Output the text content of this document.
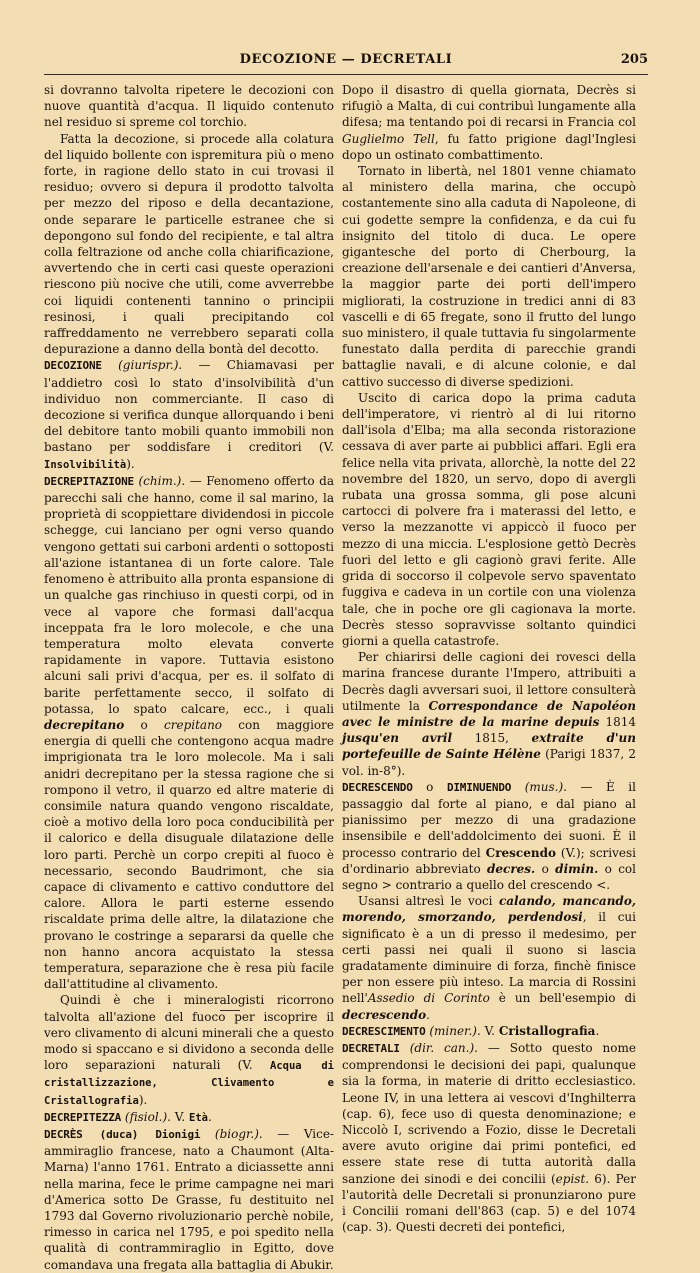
DECOZIONE — DECRETALI	205

si dovranno talvolta ripetere le decozioni con nuove quantità d'acqua. Il liquido contenuto nel residuo si spreme col torchio.

Fatta la decozione, si procede alla colatura del liquido bollente con ispremitura più o meno forte, in ragione dello stato in cui trovasi il residuo; ovvero si depura il prodotto talvolta per mezzo del riposo e della decantazione, onde separare le particelle estranee che si depongono sul fondo del recipiente, e tal altra colla feltrazione od anche colla chiarificazione, avvertendo che in certi casi queste operazioni riescono più nocive che utili, come avverrebbe coi liquidi contenenti tannino o principii resinosi, i quali precipitando col raffreddamento ne verrebbero separati colla depurazione a danno della bontà del decotto.

DECOZIONE (giurispr.). — Chiamavasi per l'addietro così lo stato d'insolvibilità d'un individuo non commerciante. Il caso di decozione si verifica dunque allorquando i beni del debitore tanto mobili quanto immobili non bastano per soddisfare i creditori (V. Insolvibilità).

DECREPITAZIONE (chim.). — Fenomeno offerto da parecchi sali che hanno, come il sal marino, la proprietà di scoppiettare dividendosi in piccole schegge, cui lanciano per ogni verso quando vengono gettati sui carboni ardenti o sottoposti all'azione istantanea di un forte calore. Tale fenomeno è attribuito alla pronta espansione di un qualche gas rinchiuso in questi corpi, od in vece al vapore che formasi dall'acqua inceppata fra le loro molecole, e che una temperatura molto elevata converte rapidamente in vapore. Tuttavia esistono alcuni sali privi d'acqua, per es. il solfato di barite perfettamente secco, il solfato di potassa, lo spato calcare, ecc., i quali decrepitano o crepitano con maggiore energia di quelli che contengono acqua madre imprigionata tra le loro molecole. Ma i sali anidri decrepitano per la stessa ragione che si rompono il vetro, il quarzo ed altre materie di consimile natura quando vengono riscaldate, cioè a motivo della loro poca conducibilità per il calorico e della disuguale dilatazione delle loro parti. Perchè un corpo crepiti al fuoco è necessario, secondo Baudrimont, che sia capace di clivamento e cattivo conduttore del calore. Allora le parti esterne essendo riscaldate prima delle altre, la dilatazione che provano le costringe a separarsi da quelle che non hanno ancora acquistato la stessa temperatura, separazione che è resa più facile dall'attitudine al clivamento.

Quindi è che i mineralogisti ricorrono talvolta all'azione del fuoco per iscoprire il vero clivamento di alcuni minerali che a questo modo si spaccano e si dividono a seconda delle loro separazioni naturali (V. Acqua di cristallizzazione, Clivamento e Cristallografia).

DECREPITEZZA (fisiol.). V. Età.

DECRÈS (duca) Dionigi (biogr.). — Vice-ammiraglio francese, nato a Chaumont (Alta-Marna) l'anno 1761. Entrato a diciassette anni nella marina, fece le prime campagne nei mari d'America sotto De Grasse, fu destituito nel 1793 dal Governo rivoluzionario perchè nobile, rimesso in carica nel 1795, e poi spedito nella qualità di contrammiraglio in Egitto, dove comandava una fregata alla battaglia di Abukir.

Dopo il disastro di quella giornata, Decrès si rifugiò a Malta, di cui contribuì lungamente alla difesa; ma tentando poi di recarsi in Francia col Guglielmo Tell, fu fatto prigione dagl'Inglesi dopo un ostinato combattimento.

Tornato in libertà, nel 1801 venne chiamato al ministero della marina, che occupò costantemente sino alla caduta di Napoleone, di cui godette sempre la confidenza, e da cui fu insignito del titolo di duca. Le opere gigantesche del porto di Cherbourg, la creazione dell'arsenale e dei cantieri d'Anversa, la maggior parte dei porti dell'impero migliorati, la costruzione in tredici anni di 83 vascelli e di 65 fregate, sono il frutto del lungo suo ministero, il quale tuttavia fu singolarmente funestato dalla perdita di parecchie grandi battaglie navali, e di alcune colonie, e dal cattivo successo di diverse spedizioni.

Uscito di carica dopo la prima caduta dell'imperatore, vi rientrò al di lui ritorno dall'isola d'Elba; ma alla seconda ristorazione cessava di aver parte ai pubblici affari. Egli era felice nella vita privata, allorchè, la notte del 22 novembre del 1820, un servo, dopo di avergli rubata una grossa somma, gli pose alcuni cartocci di polvere fra i materassi del letto, e verso la mezzanotte vi appiccò il fuoco per mezzo di una miccia. L'esplosione gettò Decrès fuori del letto e gli cagionò gravi ferite. Alle grida di soccorso il colpevole servo spaventato fuggiva e cadeva in un cortile con una violenza tale, che in poche ore gli cagionava la morte. Decrès stesso sopravvisse soltanto quindici giorni a quella catastrofe.

Per chiarirsi delle cagioni dei rovesci della marina francese durante l'Impero, attribuiti a Decrès dagli avversari suoi, il lettore consulterà utilmente la Correspondance de Napoléon avec le ministre de la marine depuis 1814 jusqu'en avril 1815, extraite d'un portefeuille de Sainte Hélène (Parigi 1837, 2 vol. in-8°).

DECRESCENDO o DIMINUENDO (mus.). — È il passaggio dal forte al piano, e dal piano al pianissimo per mezzo di una gradazione insensibile e dell'addolcimento dei suoni. È il processo contrario del Crescendo (V.); scrivesi d'ordinario abbreviato decres. o dimin. o col segno > contrario a quello del crescendo <.

Usansi altresì le voci calando, mancando, morendo, smorzando, perdendosi, il cui significato è a un di presso il medesimo, per certi passi nei quali il suono si lascia gradatamente diminuire di forza, finchè finisce per non essere più inteso. La marcia di Rossini nell'Assedio di Corinto è un bell'esempio di decrescendo.

DECRESCIMENTO (miner.). V. Cristallografia.

DECRETALI (dir. can.). — Sotto questo nome comprendonsi le decisioni dei papi, qualunque sia la forma, in materie di dritto ecclesiastico. Leone IV, in una lettera ai vescovi d'Inghilterra (cap. 6), fece uso di questa denominazione; e Niccolò I, scrivendo a Fozio, disse le Decretali avere avuto origine dai primi pontefici, ed essere state rese di tutta autorità dalla sanzione dei sinodi e dei concilii (epist. 6). Per l'autorità delle Decretali si pronunziarono pure i Concilii romani dell'863 (cap. 5) e del 1074 (cap. 3). Questi decreti dei pontefici,
